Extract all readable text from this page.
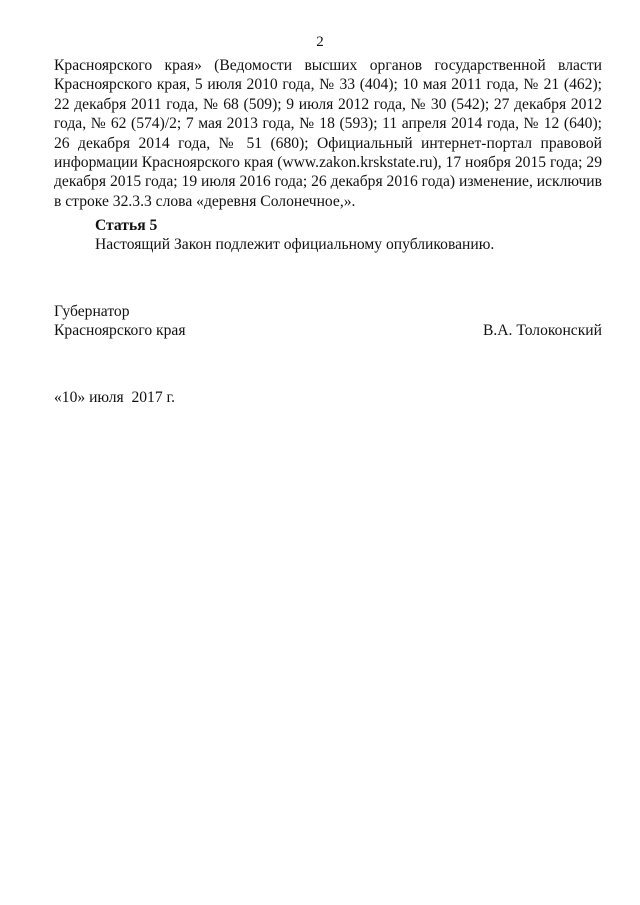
2

Красноярского края» (Ведомости высших органов государственной власти Красноярского края, 5 июля 2010 года, № 33 (404); 10 мая 2011 года, № 21 (462); 22 декабря 2011 года, № 68 (509); 9 июля 2012 года, № 30 (542); 27 декабря 2012 года, № 62 (574)/2; 7 мая 2013 года, № 18 (593); 11 апреля 2014 года, № 12 (640); 26 декабря 2014 года, № 51 (680); Официальный интернет-портал правовой информации Красноярского края (www.zakon.krskstate.ru), 17 ноября 2015 года; 29 декабря 2015 года; 19 июля 2016 года; 26 декабря 2016 года) изменение, исключив в строке 32.3.3 слова «деревня Солонечное,».

Статья 5

Настоящий Закон подлежит официальному опубликованию.

Губернатор
Красноярского края	В.А. Толоконский
«10» июля  2017 г.
